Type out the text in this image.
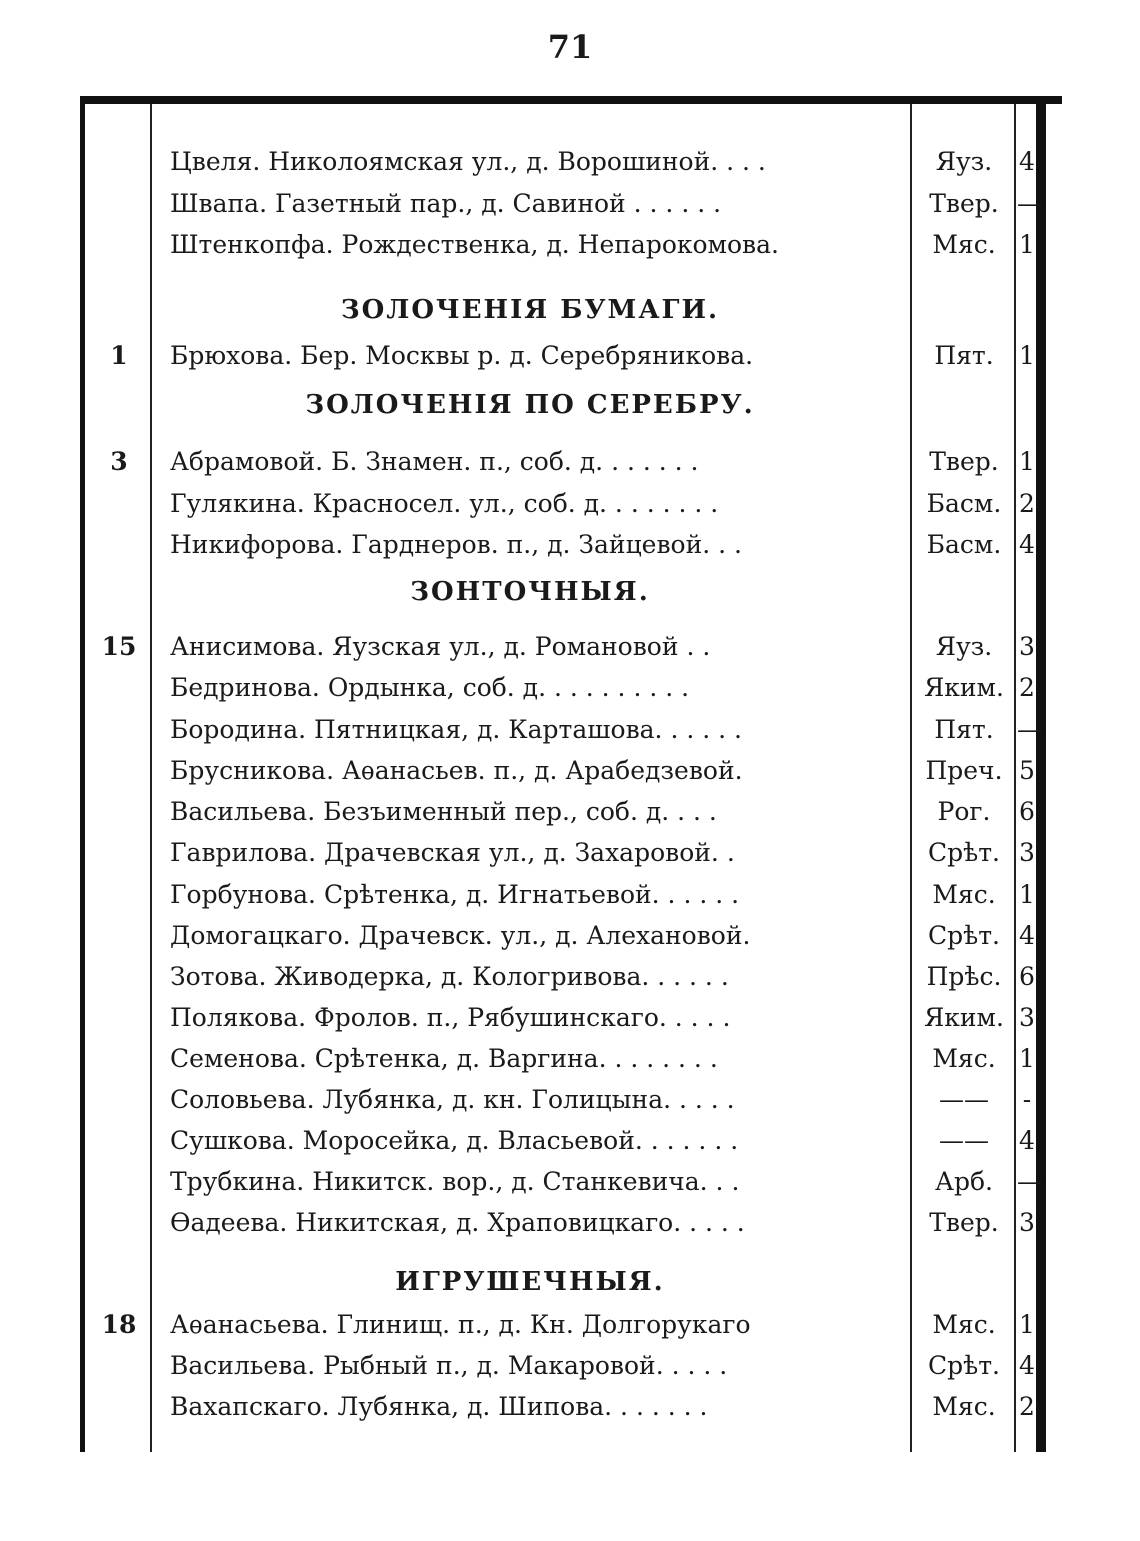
71
Цвеля. Николоямская ул., д. Ворошиной. . . .	Яуз.	4
Швапа. Газетный пар., д. Савиной . . . . . .	Твер. —
Штенкопфа. Рождественка, д. Непарокомова.	Мяс. 1
ЗОЛОЧЕНІЯ БУМАГИ.
1	Брюхова. Бер. Москвы р. д. Серебряникова.	Пят.	1
ЗОЛОЧЕНІЯ ПО СЕРЕБРУ.
3	Абрамовой. Б. Знамен. п., соб. д. . . . . . .	Твер. 1
Гулякина. Красносел. ул., соб. д. . . . . . . .	Басм. 2
Никифорова. Гарднеров. п., д. Зайцевой. . .	Басм. 4
ЗОНТОЧНЫЯ.
15	Анисимова. Яузская ул., д. Романовой . .	Яуз.	3
Бедринова. Ордынка, соб. д. . . . . . . . . .	Яким. 2
Бородина. Пятницкая, д. Карташова. . . . . .	Пят. —
Брусникова. Аѳанасьев. п., д. Арабедзевой.	Преч. 5
Васильева. Безъименный пер., соб. д. . . .	Рог.	6
Гаврилова. Драчевская ул., д. Захаровой. .	Срѣт. 3
Горбунова. Срѣтенка, д. Игнатьевой. . . . . .	Мяс. 1
Домогацкаго. Драчевск. ул., д. Алехановой.	Срѣт. 4
Зотова. Живодерка, д. Кологривова. . . . . .	Прѣс. 6
Полякова. Фролов. п., Рябушинскаго. . . . .	Яким. 3
Семенова. Срѣтенка, д. Варгина. . . . . . . .	Мяс. 1
Соловьева. Лубянка, д. кн. Голицына. . . . .	——	-
Сушкова. Моросейка, д. Власьевой. . . . . . .	——	4
Трубкина. Никитск. вор., д. Станкевича. . .	Арб. —
Ѳадеева. Никитская, д. Храповицкаго. . . . .	Твер. 3
ИГРУШЕЧНЫЯ.
18	Аѳанасьева. Глинищ. п., д. Кн. Долгорукаго	Мяс. 1
Васильева. Рыбный п., д. Макаровой. . . . .	Срѣт. 4
Вахапскаго. Лубянка, д. Шипова. . . . . . .	Мяс. 2
